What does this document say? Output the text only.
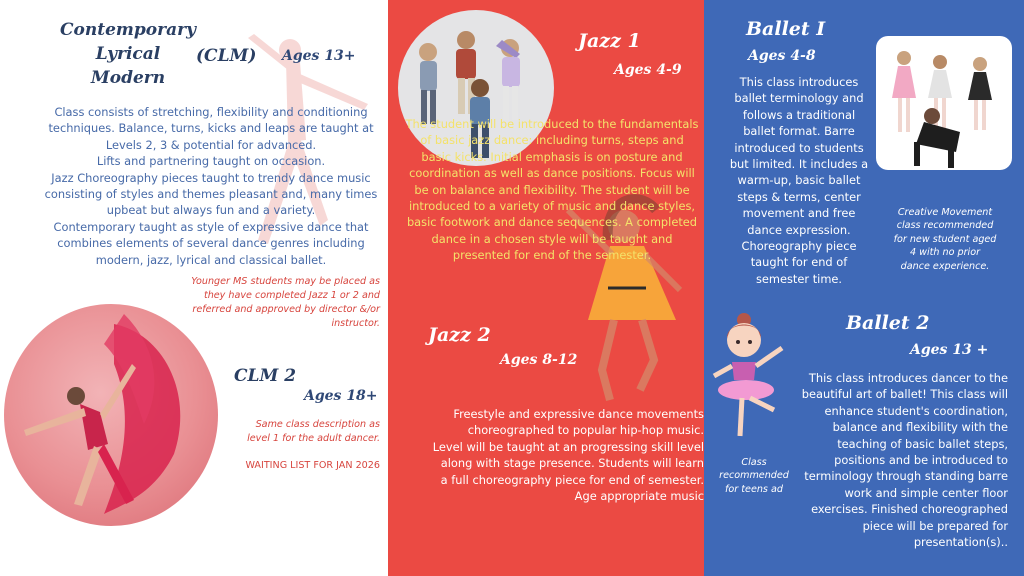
Contemporary
Lyrical
Modern
(CLM) Ages 13+
Class consists of stretching, flexibility and conditioning
techniques. Balance, turns, kicks and leaps are taught at
Levels 2, 3 & potential for advanced.
Lifts and partnering taught on occasion.
Jazz Choreography pieces taught to trendy dance music
consisting of styles and themes pleasant and, many times
upbeat but always fun and a variety.
Contemporary taught as style of expressive dance that
combines elements of several dance genres including
modern, jazz, lyrical and classical ballet.
Younger MS students may be placed as
they have completed Jazz 1 or 2 and
referred and approved by director &/or
instructor.
CLM 2
Ages 18+
Same class description as
level 1 for the adult dancer.
WAITING LIST FOR JAN 2026
Jazz 1
Ages 4-9
The student will be introduced to the fundamentals
of basic jazz dance: including turns, steps and
basic kicks. Initial emphasis is on posture and
coordination as well as dance positions. Focus will
be on balance and flexibility. The student will be
introduced to a variety of music and dance styles,
basic footwork and dance sequences. A completed
dance in a chosen style will be taught and
presented for end of the semester.
Jazz 2
Ages 8-12
Freestyle and expressive dance movements
choreographed to popular hip-hop music.
Level will be taught at an progressing skill level
along with stage presence. Students will learn
a full choreography piece for end of semester.
Age appropriate music
Ballet I
Ages 4-8
This class introduces
ballet terminology and
follows a traditional
ballet format. Barre
introduced to students
but limited. It includes a
warm-up, basic ballet
steps & terms, center
movement and free
dance expression.
Choreography piece
taught for end of
semester time.
Creative Movement
class recommended
for new student aged
4 with no prior
dance experience.
Ballet 2
Ages 13 +
Class
recommended
for teens ad
This class introduces dancer to the
beautiful art of ballet! This class will
enhance student's coordination,
balance and flexibility with the
teaching of basic ballet steps,
positions and be introduced to
terminology through standing barre
work and simple center floor
exercises. Finished choreographed
piece will be prepared for
presentation(s)..
